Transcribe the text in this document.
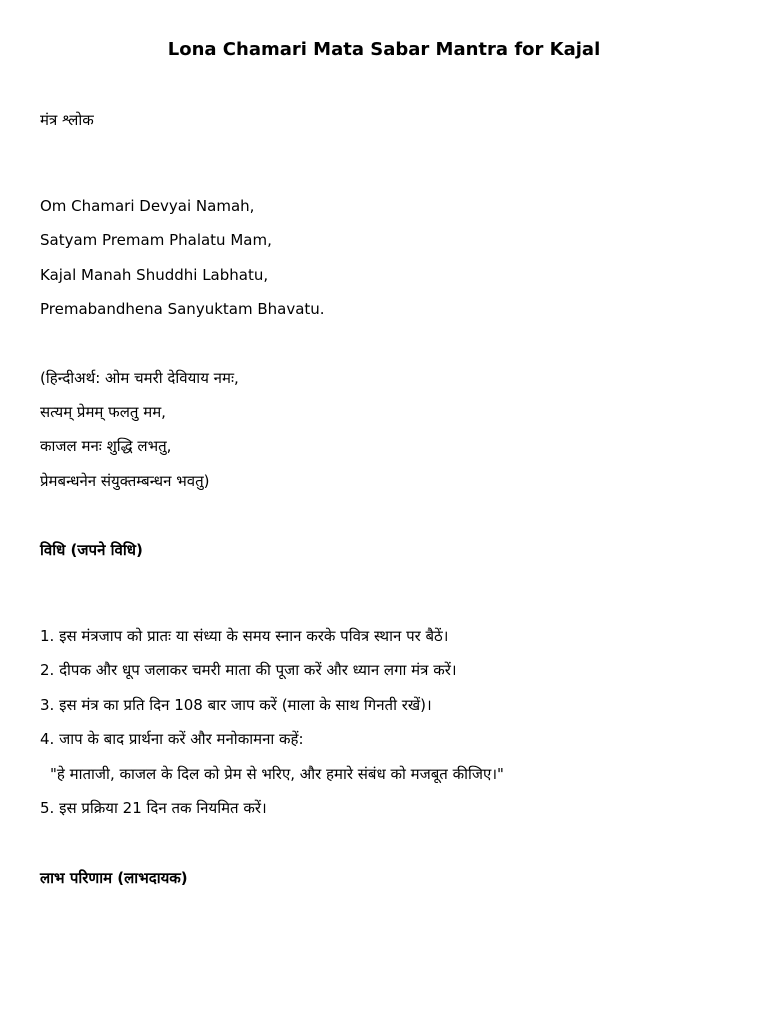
Lona Chamari Mata Sabar Mantra for Kajal
मंत्र श्लोक
Om Chamari Devyai Namah,
Satyam Premam Phalatu Mam,
Kajal Manah Shuddhi Labhatu,
Premabandhena Sanyuktam Bhavatu.
(हिन्दीअर्थ: ओम चमरी देवियाय नमः,
सत्यम् प्रेमम् फलतु मम,
काजल मनः शुद्धि लभतु,
प्रेमबन्धनेन संयुक्तम्बन्धन भवतु)
विधि (जपने विधि)
1. इस मंत्रजाप को प्रातः या संध्या के समय स्नान करके पवित्र स्थान पर बैठें।
2. दीपक और धूप जलाकर चमरी माता की पूजा करें और ध्यान लगा मंत्र करें।
3. इस मंत्र का प्रति दिन 108 बार जाप करें (माला के साथ गिनती रखें)।
4. जाप के बाद प्रार्थना करें और मनोकामना कहें:
"हे माताजी, काजल के दिल को प्रेम से भरिए, और हमारे संबंध को मजबूत कीजिए।"
5. इस प्रक्रिया 21 दिन तक नियमित करें।
लाभ परिणाम (लाभदायक)
